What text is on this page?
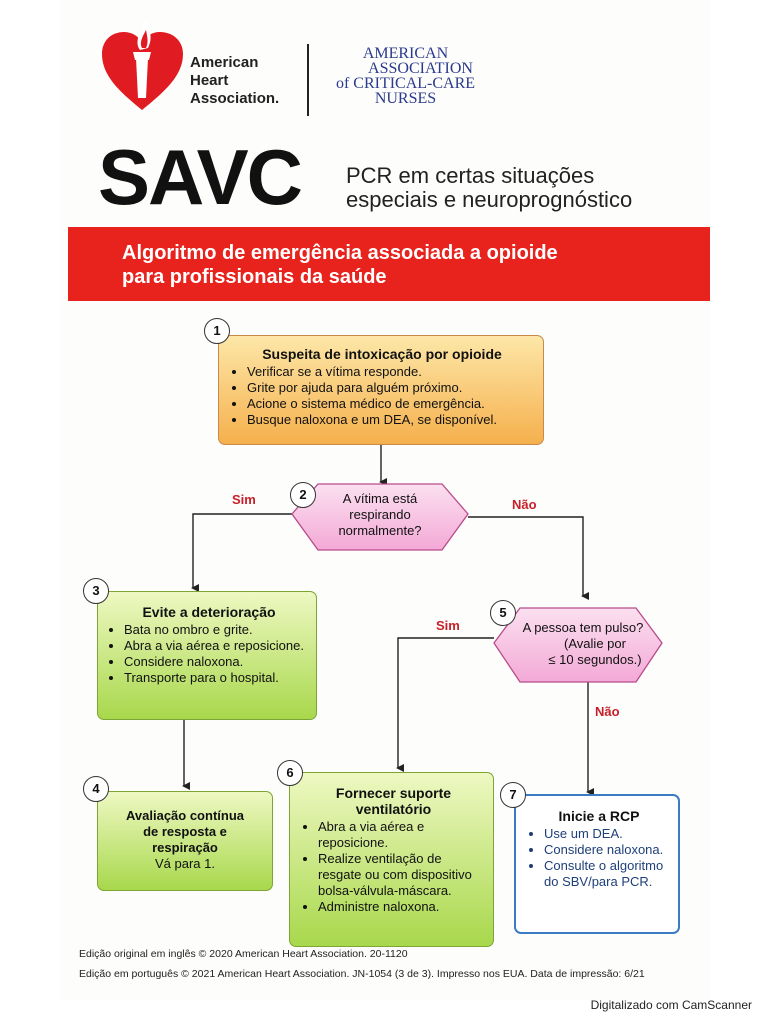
American
Heart
Association.
AMERICAN
ASSOCIATION
of CRITICAL-CARE
NURSES
SAVC PCR em certas situações
especiais e neuroprognóstico
Algoritmo de emergência associada a opioide
para profissionais da saúde
Suspeita de intoxicação por opioide
• Verificar se a vítima responde.
• Grite por ajuda para alguém próximo.
• Acione o sistema médico de emergência.
• Busque naloxona e um DEA, se disponível.
1
A vítima está
respirando
normalmente?
2
Sim	Não
Evite a deterioração
• Bata no ombro e grite.
• Abra a via aérea e reposicione.
• Considere naloxona.
• Transporte para o hospital.
3
A pessoa tem pulso?
(Avalie por
≤ 10 segundos.)
5
Sim
Não
Avaliação contínua
de resposta e
respiração
Vá para 1.
4	Fornecer suporte
ventilatório
• Abra a via aérea e reposicione.
• Realize ventilação de resgate ou com dispositivo bolsa-válvula-máscara.
• Administre naloxona.
6
Inicie a RCP
• Use um DEA.
• Considere naloxona.
• Consulte o algoritmo do SBV/para PCR.
7
Edição original em inglês © 2020 American Heart Association. 20-1120
Edição em português © 2021 American Heart Association. JN-1054 (3 de 3). Impresso nos EUA. Data de impressão: 6/21
Digitalizado com CamScanner
